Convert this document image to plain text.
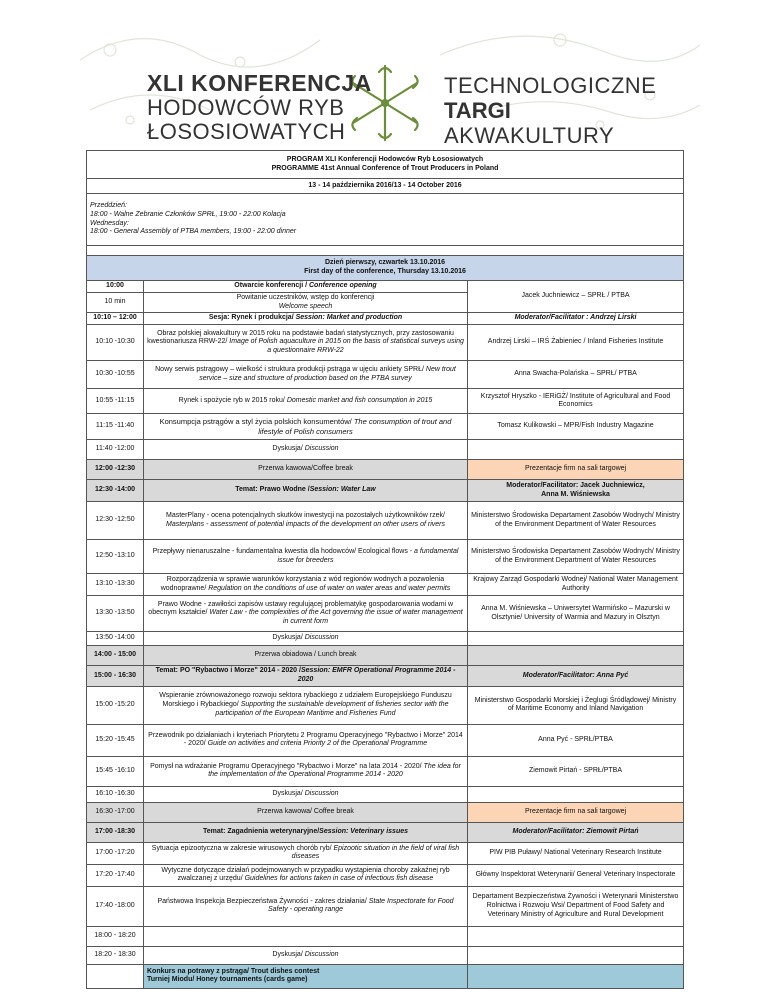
XLI KONFERENCJA
HODOWCÓW RYB
ŁOSOSIOWATYCH
TECHNOLOGICZNE
TARGI
AKWAKULTURY
PROGRAM XLI Konferencji Hodowców Ryb Łososiowatych
PROGRAMME 41st Annual Conference of Trout Producers in Poland		

13 - 14 października 2016/13 - 14 October 2016		

Przeddzień:
18:00 - Walne Zebranie Członków SPRŁ, 19:00 - 22:00 Kolacja
Wednesday:
18:00 - General Assembly of PTBA members, 19:00 - 22:00 dinner		

Dzień pierwszy, czwartek 13.10.2016
First day of the conference, Thursday 13.10.2016		

10:00	Otwarcie konferencji / Conference opening	Jacek Juchniewicz – SPRŁ / PTBA
10 min	Powitanie uczestników, wstęp do konferencji
Welcome speech	
10:10 – 12:00	Sesja: Rynek i produkcja/ Session: Market and production	Moderator/Facilitator : Andrzej Lirski
10:10 -10:30	Obraz polskiej akwakultury w 2015 roku na podstawie badań statystycznych, przy zastosowaniu kwestionariusza RRW-22/ Image of Polish aquaculture in 2015 on the basis of statistical surveys using a questionnaire RRW-22	Andrzej Lirski – IRŚ Żabieniec / Inland Fisheries Institute
10:30 -10:55	Nowy serwis pstrągowy – wielkość i struktura produkcji pstrąga w ujęciu ankiety SPRŁ/ New trout service – size and structure of production based on the PTBA survey	Anna Swacha-Polańska – SPRŁ/ PTBA
10:55 -11:15	Rynek i spożycie ryb w 2015 roku/ Domestic market and fish consumption in 2015	Krzysztof Hryszko - IERiGŻ/ Institute of Agricultural and Food Economics
11:15 -11:40	Konsumpcja pstrągów a styl życia polskich konsumentów/ The consumption of trout and lifestyle of Polish consumers	Tomasz Kulikowski – MPR/Fish Industry Magazine
11:40 -12:00	Dyskusja/ Discussion	
12:00 -12:30	Przerwa kawowa/Coffee break	Prezentacje firm na sali targowej
12:30 -14:00	Temat: Prawo Wodne /Session: Water Law	Moderator/Facilitator: Jacek Juchniewicz,
Anna M. Wiśniewska

12:30 -12:50	MasterPlany - ocena potencjalnych skutków inwestycji na pozostałych użytkowników rzek/ Masterplans - assessment of potential impacts of the development on other users of rivers	Ministerstwo Środowiska Departament Zasobów Wodnych/ Ministry of the Environment Department of Water Resources
12:50 -13:10	Przepływy nienaruszalne - fundamentalna kwestia dla hodowców/ Ecological flows - a fundamental issue for breeders	Ministerstwo Środowiska Departament Zasobów Wodnych/ Ministry of the Environment Department of Water Resources
13:10 -13:30	Rozporządzenia w sprawie warunków korzystania z wód regionów wodnych a pozwolenia wodnoprawne/ Regulation on the conditions of use of water on water areas and water permits	Krajowy Zarząd Gospodarki Wodnej/ National Water Management Authority
13:30 -13:50	Prawo Wodne - zawiłości zapisów ustawy regulującej problematykę gospodarowania wodami w obecnym kształcie/ Water Law - the complexities of the Act governing the issue of water management in current form	Anna M. Wiśniewska – Uniwersytet Warmińsko – Mazurski w Olsztynie/ University of Warmia and Mazury in Olsztyn
13:50 -14:00	Dyskusja/ Discussion	
14:00 - 15:00	Przerwa obiadowa / Lunch break	
15:00 - 16:30	Temat: PO "Rybactwo i Morze" 2014 - 2020 /Session: EMFR Operational Programme 2014 - 2020	Moderator/Facilitator: Anna Pyć
15:00 -15:20	Wspieranie zrównoważonego rozwoju sektora rybackiego z udziałem Europejskiego Funduszu Morskiego i Rybackiego/ Supporting the sustainable development of fisheries sector with the participation of the European Maritime and Fisheries Fund	Ministerstwo Gospodarki Morskiej i Żeglugi Śródlądowej/ Ministry of Maritime Economy and Inland Navigation
15:20 -15:45	Przewodnik po działaniach i kryteriach Priorytetu 2 Programu Operacyjnego "Rybactwo i Morze" 2014 - 2020/ Guide on activities and criteria Priority 2 of the Operational Programme	Anna Pyć - SPRŁ/PTBA
15:45 -16:10	Pomysł na wdrażanie Programu Operacyjnego "Rybactwo i Morze" na lata 2014 - 2020/ The idea for the implementation of the Operational Programme 2014 - 2020	Ziemowit Pirtań - SPRŁ/PTBA
16:10 -16:30	Dyskusja/ Discussion	
16:30 -17:00	Przerwa kawowa/ Coffee break	Prezentacje firm na sali targowej
17:00 -18:30	Temat: Zagadnienia weterynaryjne/Session: Veterinary issues	Moderator/Facilitator: Ziemowit Pirtań
17:00 -17:20	Sytuacja epizootyczna w zakresie wirusowych chorób ryb/ Epizootic situation in the field of viral fish diseases	PIW PIB Puławy/ National Veterinary Research Institute
17:20 -17:40	Wytyczne dotyczące działań podejmowanych w przypadku wystąpienia choroby zakaźnej ryb zwalczanej z urzędu/ Guidelines for actions taken in case of infectious fish disease	Główny Inspektorat Weterynarii/ General Veterinary Inspectorate
17:40 -18:00	Państwowa Inspekcja Bezpieczeństwa Żywności - zakres działania/ State Inspectorate for Food Safety - operating range	Departament Bezpieczeństwa Żywności i Weterynarii Ministerstwo Rolnictwa i Rozwoju Wsi/ Department of Food Safety and Veterinary Ministry of Agriculture and Rural Development
18:00 - 18:20		
18:20 - 18:30	Dyskusja/ Discussion	

	Konkurs na potrawy z pstrąga/ Trout dishes contest
Turniej Miodu/ Honey tournaments (cards game)	
